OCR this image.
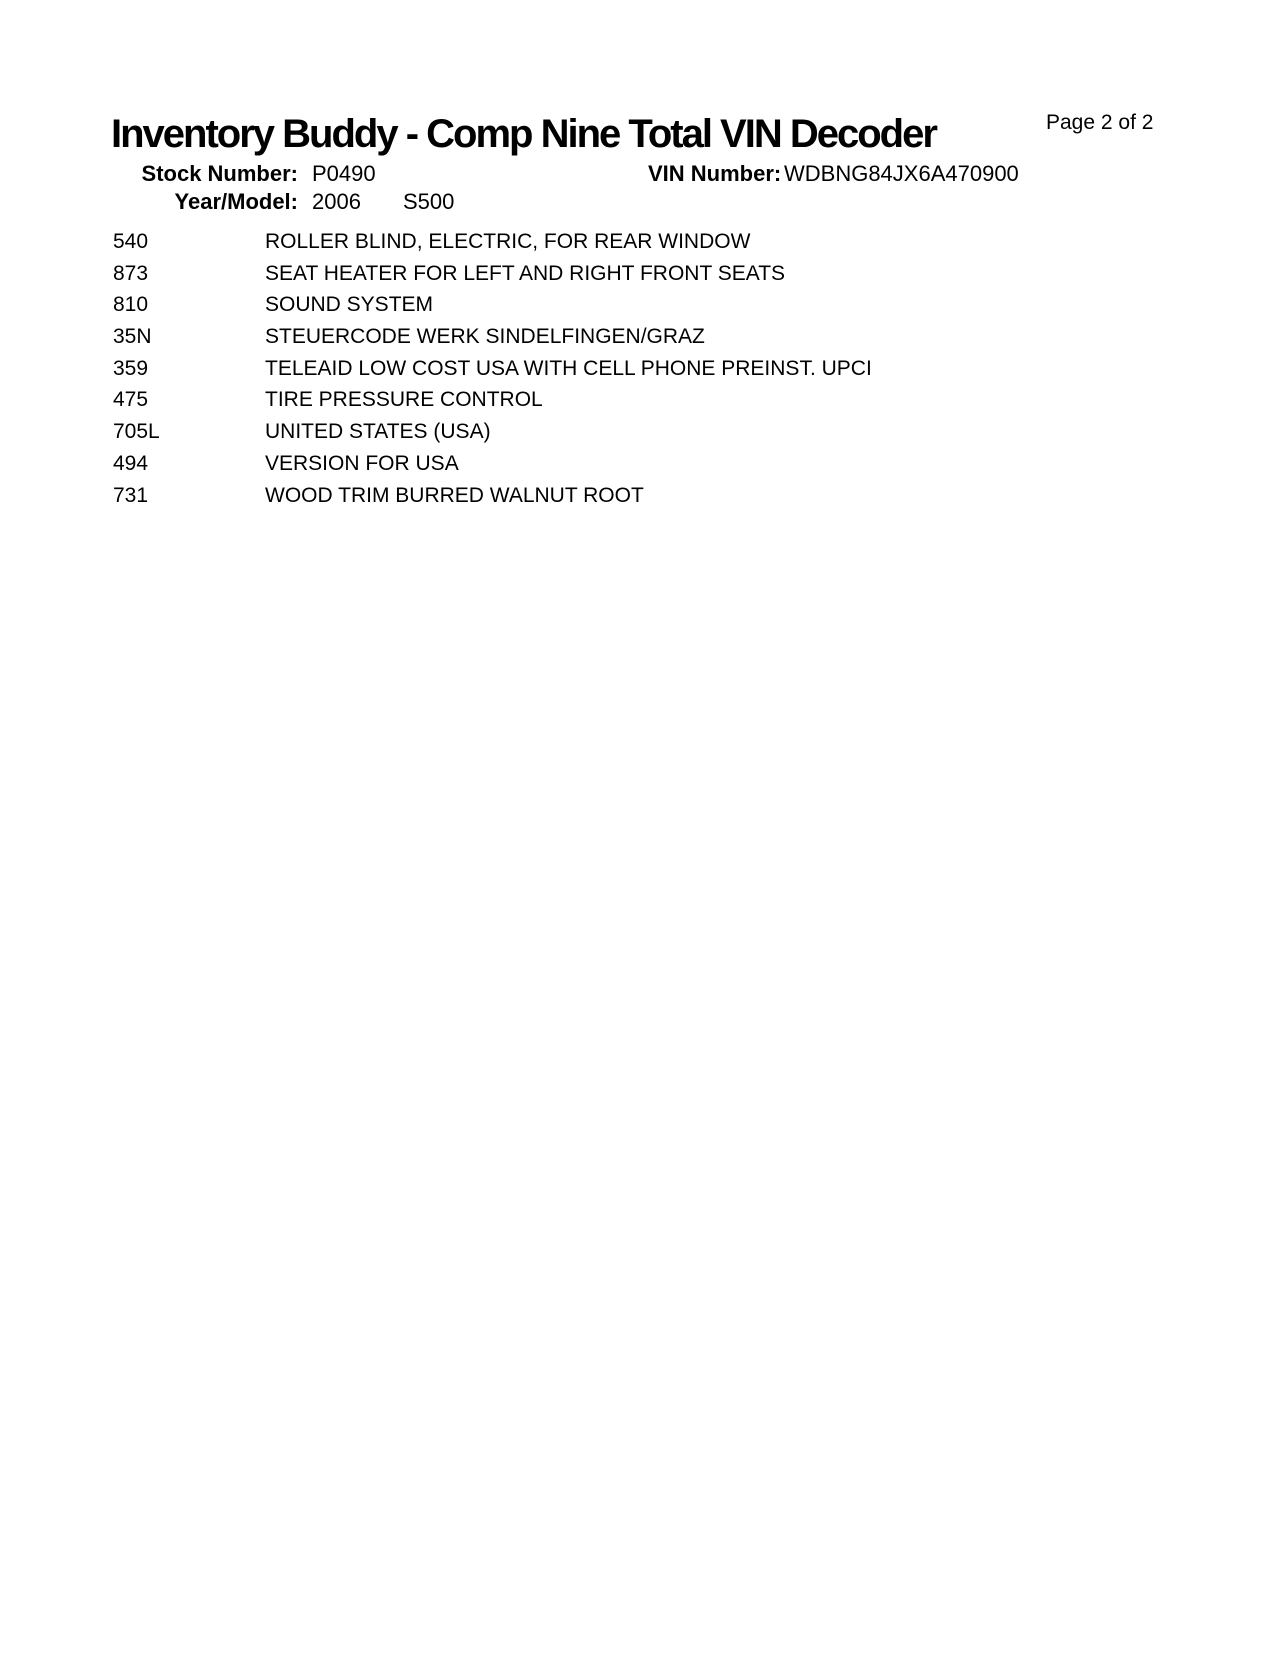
Inventory Buddy - Comp Nine Total VIN Decoder	Page 2 of 2
Stock Number: P0490	VIN Number: WDBNG84JX6A470900
Year/Model: 2006 S500
540	ROLLER BLIND, ELECTRIC, FOR REAR WINDOW
873	SEAT HEATER FOR LEFT AND RIGHT FRONT SEATS
810	SOUND SYSTEM
35N	STEUERCODE WERK SINDELFINGEN/GRAZ
359	TELEAID LOW COST USA WITH CELL PHONE PREINST. UPCI
475	TIRE PRESSURE CONTROL
705L	UNITED STATES (USA)
494	VERSION FOR USA
731	WOOD TRIM BURRED WALNUT ROOT
